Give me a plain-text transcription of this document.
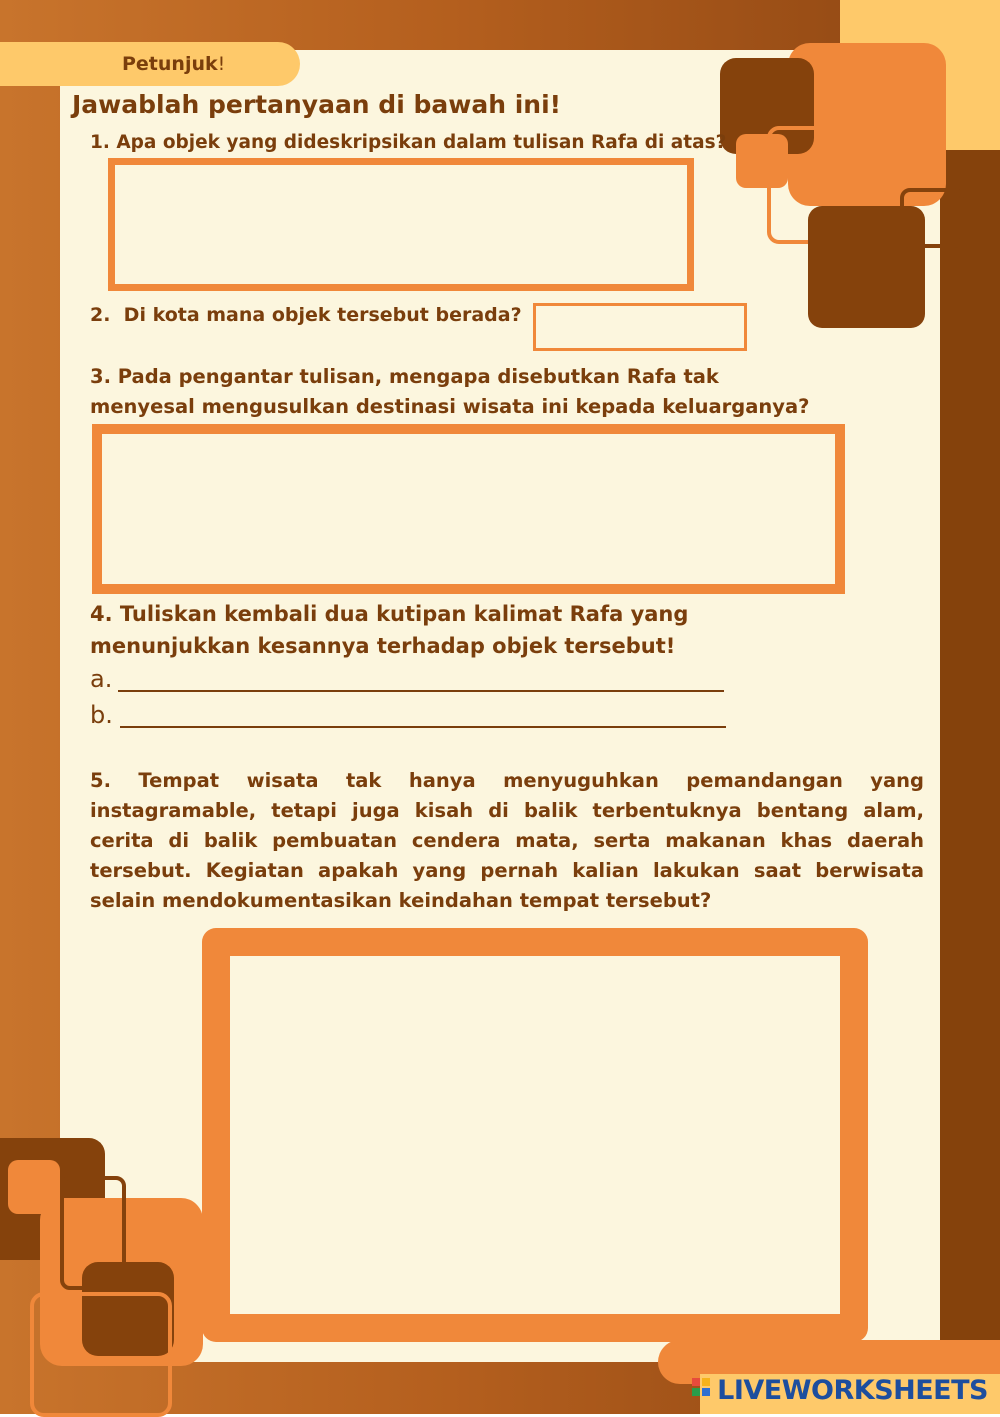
Petunjuk!
Jawablah pertanyaan di bawah ini!
1. Apa objek yang dideskripsikan dalam tulisan Rafa di atas?
2.  Di kota mana objek tersebut berada?
3. Pada pengantar tulisan, mengapa disebutkan Rafa tak menyesal mengusulkan destinasi wisata ini kepada keluarganya?
4. Tuliskan kembali dua kutipan kalimat Rafa yang menunjukkan kesannya terhadap objek tersebut!
a.
b.
5. Tempat wisata tak hanya menyuguhkan pemandangan yang instagramable, tetapi juga kisah di balik terbentuknya bentang alam, cerita di balik pembuatan cendera mata, serta makanan khas daerah tersebut. Kegiatan apakah yang pernah kalian lakukan saat berwisata selain mendokumentasikan keindahan tempat tersebut?
LIVEWORKSHEETS
